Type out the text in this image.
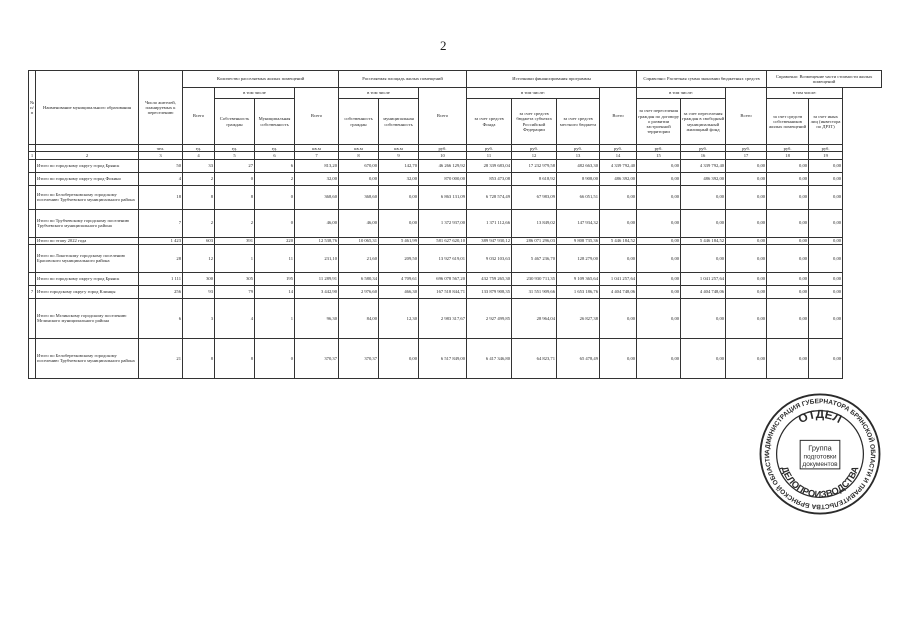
2
№ п/ п	Наименование муниципального образования	Число жителей, планируемых к переселению	Количество расселяемых жилых помещений				Расселяемая площадь жилых помещений			Источники финансирования программы				Справочно: Расчетная сумма экономии бюджетных средств			Справочно: Возмещение части стоимости жилых помещений	
			Всего	в том числе		Всего	в том числе		Всего	в том числе:			Всего	в том числе:		Всего	в том числе:	
				Собственность граждан	Муниципальная собственность		собственность граждан	муниципальная собственность		за счет средств Фонда	за счет средств бюджета субъекта Российской Федерации	за счет средств местного бюджета		за счет переселения граждан по договору о развитии застроенной территории	за счет переселения граждан в свободный муниципальный жилищный фонд		за счет средств собственников жилых помещений	за счет иных лиц (инвестора по ДРЗТ)
		чел.	ед.	ед.	ед.	кв.м	кв.м	кв.м	руб.	руб.	руб.	руб.	руб.	руб.	руб.	руб.	руб.	руб.
1	2	3	4	5	6	7	8	9	10	11	12	13	14	15	16	17	18	19
	Итого по городскому округу город Брянск	50	33	27	6	813,20	670,00	142,70	46 266 129,92	28 339 683,04	17 232 979,58	482 663,30	4 339 792,40	0,00	4 339 792,40	0,00	0,00	0,00
	Итого по городскому округу город Фокино	4	2	0	2	32,00	0,00	32,00	870 000,00	853 473,08	8 618,92	8 908,00	486 392,00	0,00	486 392,00	0,00	0,00	0,00
	Итого по Белоберезковскому городскому поселению Трубчевского муниципального района	18	8	8	0	368,60	368,60	0,00	6 863 131,09	6 728 574,49	67 983,09	66 051,51	0,00	0,00	0,00	0,00	0,00	0,00
	Итого по Трубчевскому городскому поселению Трубчевского муниципального района	7	2	2	0	46,00	46,00	0,00	1 372 937,00	1 371 112,66	13 849,02	147 934,32	0,00	0,00	0,00	0,00	0,00	0,00
	Итого по этапу 2022 года	1 423	603	391	220	12 538,76	10 065,31	5 461,99	581 627 620,10	389 947 930,12	286 071 296,03	9 808 735,36	5 446 184,52	0,00	5 446 184,52	0,00	0,00	0,00
	Итого по Локотскому городскому поселению Брасовского муниципального района	28	12	1	11	231,10	21,60	209,50	13 927 619,01	9 032 103,63	5 467 236,70	128 279,00	0,00	0,00	0,00	0,00	0,00	0,00
	Итого по городскому округу город Брянск	1 111	300	305	195	11 289,91	6 580,34	4 709,61	696 078 567,20	432 759 265,30	230 930 711,35	9 109 365,64	1 041 257,64	0,00	1 041 257,64	0,00	0,00	0,00
7	Итого городскому округу город Клинцы	256	93	79	14	3 442,90	2 976,60	466,30	167 518 844,71	133 879 908,35	31 551 909,66	1 653 186,76	4 404 748,06	0,00	4 404 748,06	0,00	0,00	0,00
	Итого по Мглинскому городскому поселению Мглинского муниципального района	6	3	4	1	96,30	84,00	12,30	2 983 317,67	2 927 499,85	28 964,04	26 827,38	0,00	0,00	0,00	0,00	0,00	0,00
	Итого по Белоберезковскому городскому поселению Трубчевского муниципального района	21	8	8	0	370,37	370,37	0,00	6 517 849,00	6 417 346,80	64 823,71	65 478,49	0,00	0,00	0,00	0,00	0,00	0,00
АДМИНИСТРАЦИЯ ГУБЕРНАТОРА БРЯНСКОЙ ОБЛАСТИ И ПРАВИТЕЛЬСТВА БРЯНСКОЙ ОБЛАСТИ
ОТДЕЛ
ДЕЛОПРОИЗВОДСТВА
Группа
подготовки
документов
